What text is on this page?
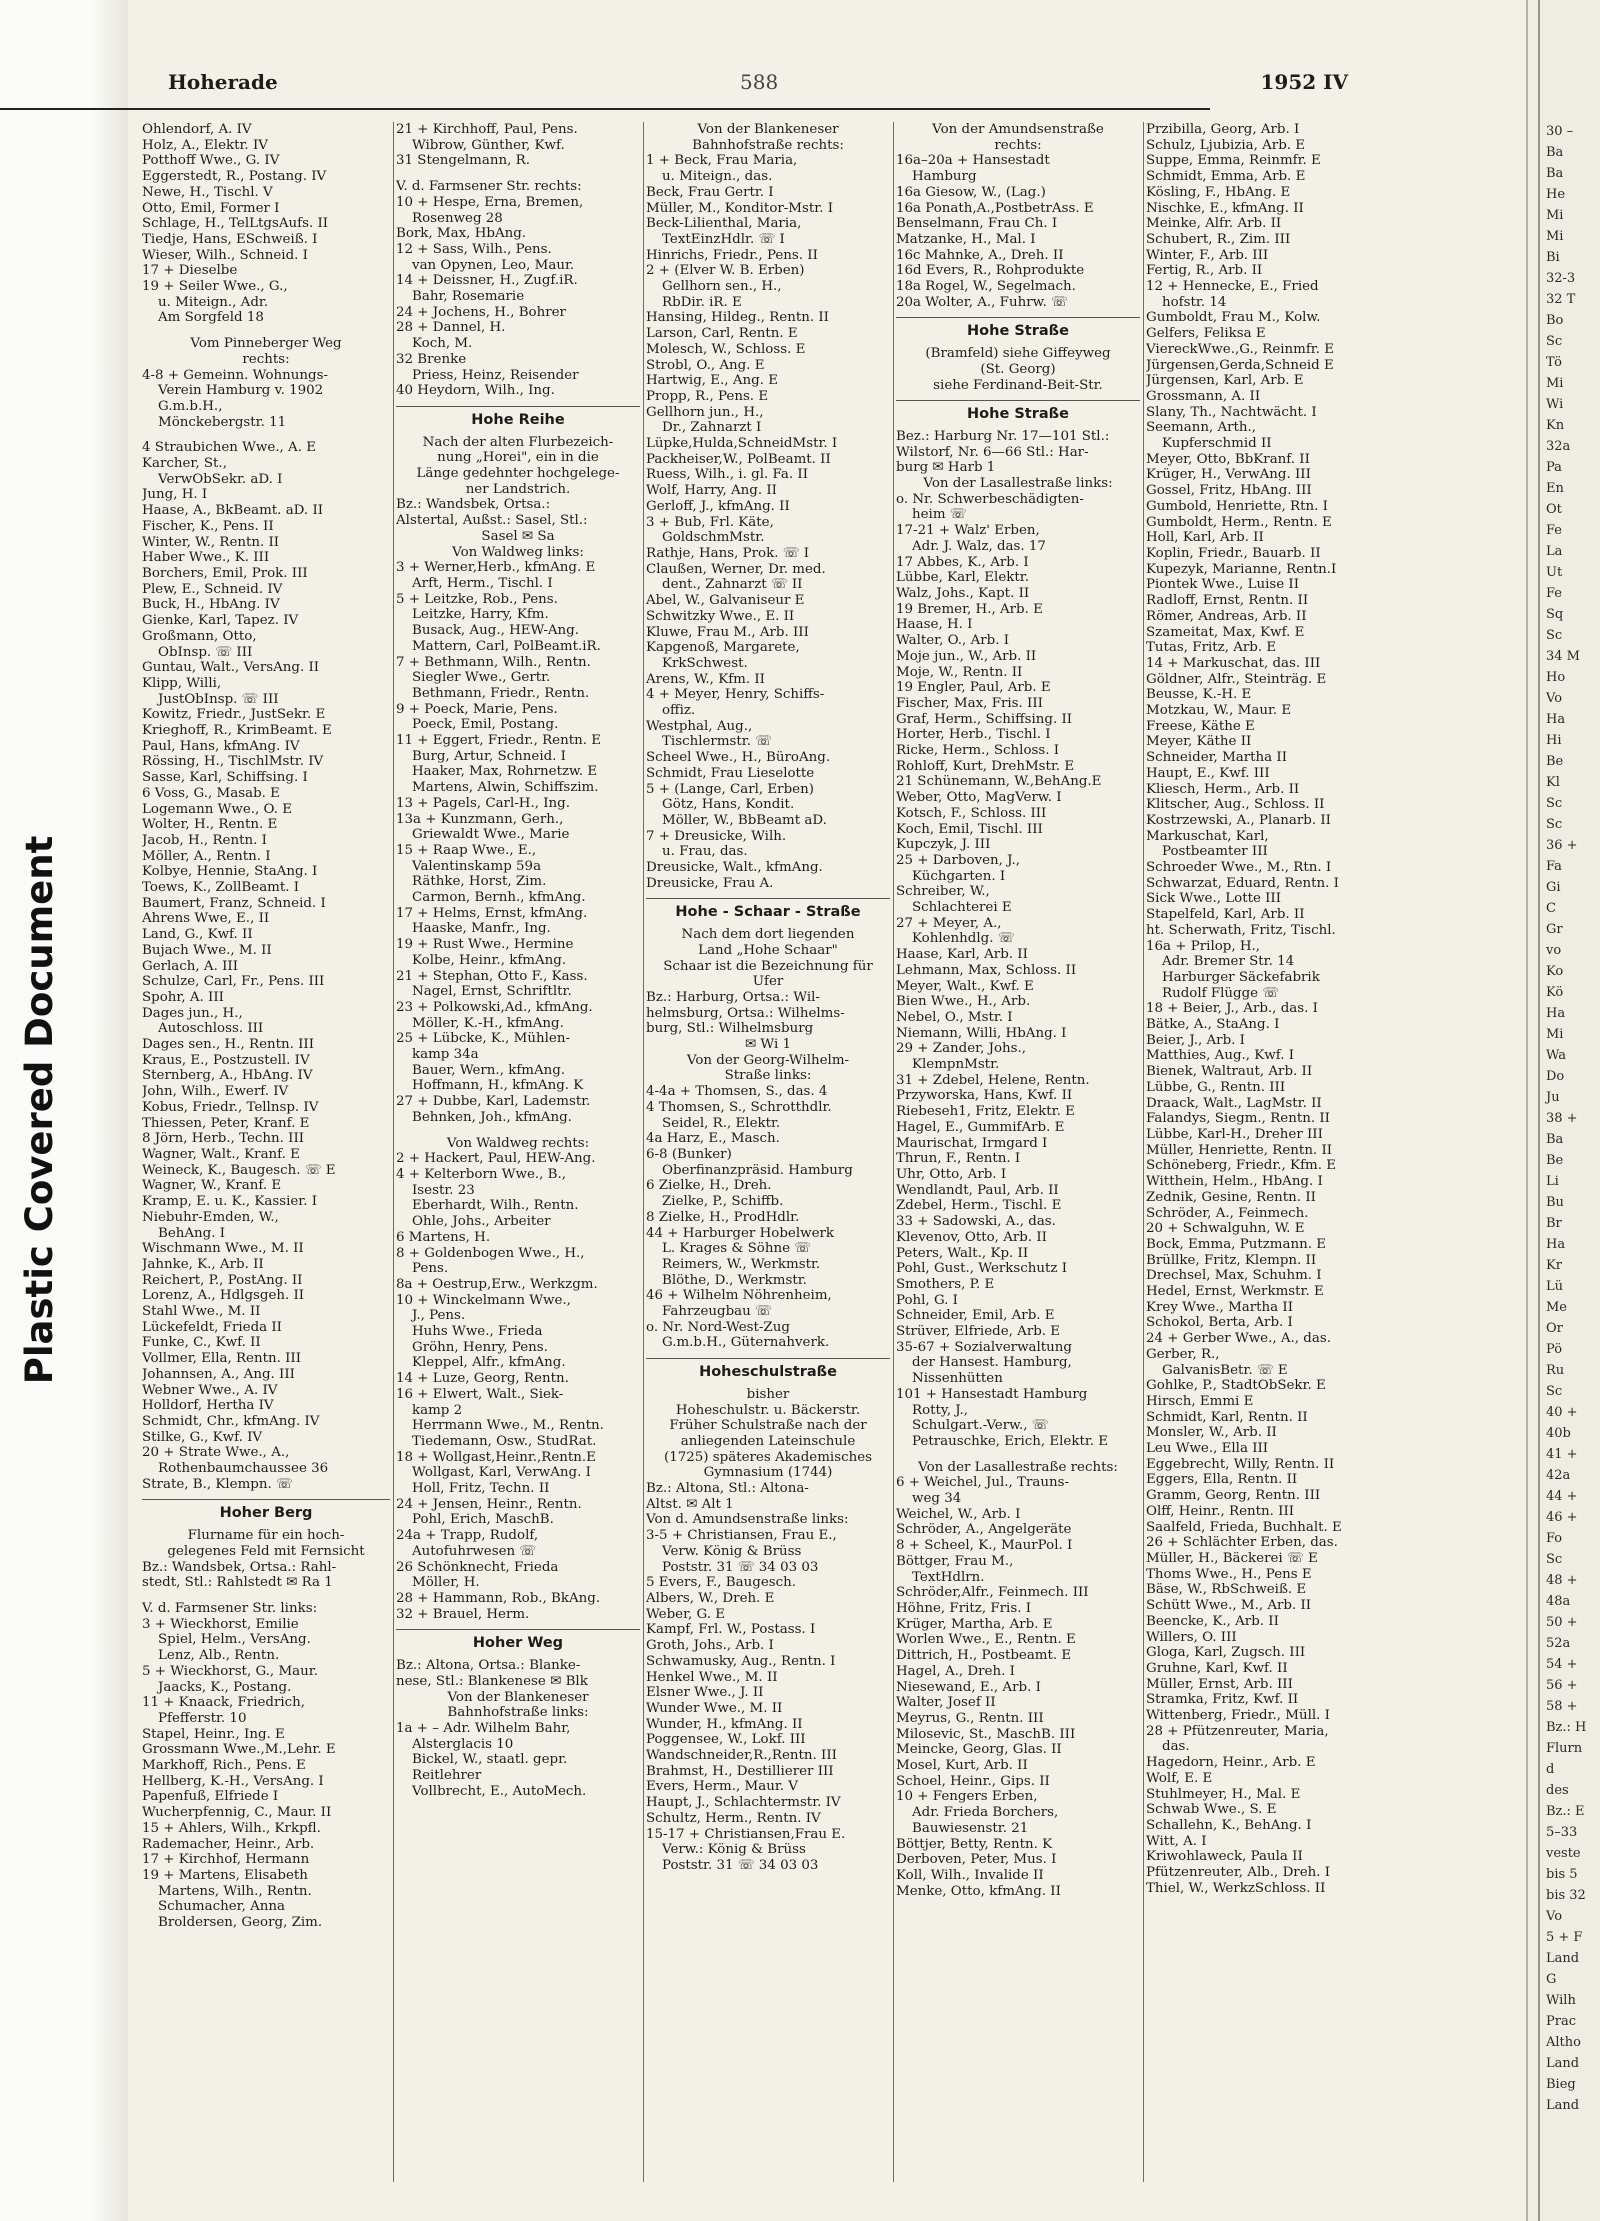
Plastic Covered Document
30 –
Ba
Ba
He
Mi
Mi
Bi
32-3
32 T
Bo
Sc
Tö
Mi
Wi
Kn
32a
Pa
En
Ot
Fe
La
Ut
Fe
Sq
Sc
34 M
Ho
Vo
Ha
Hi
Be
Kl
Sc
Sc
36 +
Fa
Gi
C
Gr
vo
Ko
Kö
Ha
Mi
Wa
Do
Ju
38 +
Ba
Be
Li
Bu
Br
Ha
Kr
Lü
Me
Or
Pö
Ru
Sc
40 +
40b
41 +
42a
44 +
46 +
Fo
Sc
48 +
48a
50 +
52a
54 +
56 +
58 +
Bz.: H
Flurn
d
des
Bz.: E
5–33
veste
bis 5
bis 32
Vo
5 + F
Land
G
Wilh
Prac
Altho
Land
Bieg
Land
Hoherade	588	1952 IV
Ohlendorf, A. IV
Holz, A., Elektr. IV
Potthoff Wwe., G. IV
Eggerstedt, R., Postang. IV
Newe, H., Tischl. V
Otto, Emil, Former I
Schlage, H., TelLtgsAufs. II
Tiedje, Hans, ESchweiß. I
Wieser, Wilh., Schneid. I
17 + Dieselbe
19 + Seiler Wwe., G.,
u. Miteign., Adr.
Am Sorgfeld 18
Vom Pinneberger Weg
rechts:
4-8 + Gemeinn. Wohnungs-
Verein Hamburg v. 1902
G.m.b.H.,
Mönckebergstr. 11
4 Straubichen Wwe., A. E
Karcher, St.,
VerwObSekr. aD. I
Jung, H. I
Haase, A., BkBeamt. aD. II
Fischer, K., Pens. II
Winter, W., Rentn. II
Haber Wwe., K. III
Borchers, Emil, Prok. III
Plew, E., Schneid. IV
Buck, H., HbAng. IV
Gienke, Karl, Tapez. IV
Großmann, Otto,
ObInsp. ☏ III
Guntau, Walt., VersAng. II
Klipp, Willi,
JustObInsp. ☏ III
Kowitz, Friedr., JustSekr. E
Krieghoff, R., KrimBeamt. E
Paul, Hans, kfmAng. IV
Rössing, H., TischlMstr. IV
Sasse, Karl, Schiffsing. I
6 Voss, G., Masab. E
Logemann Wwe., O. E
Wolter, H., Rentn. E
Jacob, H., Rentn. I
Möller, A., Rentn. I
Kolbye, Hennie, StaAng. I
Toews, K., ZollBeamt. I
Baumert, Franz, Schneid. I
Ahrens Wwe, E., II
Land, G., Kwf. II
Bujach Wwe., M. II
Gerlach, A. III
Schulze, Carl, Fr., Pens. III
Spohr, A. III
Dages jun., H.,
Autoschloss. III
Dages sen., H., Rentn. III
Kraus, E., Postzustell. IV
Sternberg, A., HbAng. IV
John, Wilh., Ewerf. IV
Kobus, Friedr., Tellnsp. IV
Thiessen, Peter, Kranf. E
8 Jörn, Herb., Techn. III
Wagner, Walt., Kranf. E
Weineck, K., Baugesch. ☏ E
Wagner, W., Kranf. E
Kramp, E. u. K., Kassier. I
Niebuhr-Emden, W.,
BehAng. I
Wischmann Wwe., M. II
Jahnke, K., Arb. II
Reichert, P., PostAng. II
Lorenz, A., Hdlgsgeh. II
Stahl Wwe., M. II
Lückefeldt, Frieda II
Funke, C., Kwf. II
Vollmer, Ella, Rentn. III
Johannsen, A., Ang. III
Webner Wwe., A. IV
Holldorf, Hertha IV
Schmidt, Chr., kfmAng. IV
Stilke, G., Kwf. IV
20 + Strate Wwe., A.,
Rothenbaumchaussee 36
Strate, B., Klempn. ☏
Hoher Berg
Flurname für ein hoch-
gelegenes Feld mit Fernsicht
Bz.: Wandsbek, Ortsa.: Rahl-
stedt, Stl.: Rahlstedt ✉ Ra 1
V. d. Farmsener Str. links:
3 + Wieckhorst, Emilie
Spiel, Helm., VersAng.
Lenz, Alb., Rentn.
5 + Wieckhorst, G., Maur.
Jaacks, K., Postang.
11 + Knaack, Friedrich,
Pfefferstr. 10
Stapel, Heinr., Ing. E
Grossmann Wwe.,M.,Lehr. E
Markhoff, Rich., Pens. E
Hellberg, K.-H., VersAng. I
Papenfuß, Elfriede I
Wucherpfennig, C., Maur. II
15 + Ahlers, Wilh., Krkpfl.
Rademacher, Heinr., Arb.
17 + Kirchhof, Hermann
19 + Martens, Elisabeth
Martens, Wilh., Rentn.
Schumacher, Anna
Broldersen, Georg, Zim.
21 + Kirchhoff, Paul, Pens.
Wibrow, Günther, Kwf.
31 Stengelmann, R.
V. d. Farmsener Str. rechts:
10 + Hespe, Erna, Bremen,
Rosenweg 28
Bork, Max, HbAng.
12 + Sass, Wilh., Pens.
van Opynen, Leo, Maur.
14 + Deissner, H., Zugf.iR.
Bahr, Rosemarie
24 + Jochens, H., Bohrer
28 + Dannel, H.
Koch, M.
32 Brenke
Priess, Heinz, Reisender
40 Heydorn, Wilh., Ing.
Hohe Reihe
Nach der alten Flurbezeich-
nung „Horei", ein in die
Länge gedehnter hochgelege-
ner Landstrich.
Bz.: Wandsbek, Ortsa.:
Alstertal, Außst.: Sasel, Stl.:
Sasel ✉ Sa
Von Waldweg links:
3 + Werner,Herb., kfmAng. E
Arft, Herm., Tischl. I
5 + Leitzke, Rob., Pens.
Leitzke, Harry, Kfm.
Busack, Aug., HEW-Ang.
Mattern, Carl, PolBeamt.iR.
7 + Bethmann, Wilh., Rentn.
Siegler Wwe., Gertr.
Bethmann, Friedr., Rentn.
9 + Poeck, Marie, Pens.
Poeck, Emil, Postang.
11 + Eggert, Friedr., Rentn. E
Burg, Artur, Schneid. I
Haaker, Max, Rohrnetzw. E
Martens, Alwin, Schiffszim.
13 + Pagels, Carl-H., Ing.
13a + Kunzmann, Gerh.,
Griewaldt Wwe., Marie
15 + Raap Wwe., E.,
Valentinskamp 59a
Räthke, Horst, Zim.
Carmon, Bernh., kfmAng.
17 + Helms, Ernst, kfmAng.
Haaske, Manfr., Ing.
19 + Rust Wwe., Hermine
Kolbe, Heinr., kfmAng.
21 + Stephan, Otto F., Kass.
Nagel, Ernst, Schriftltr.
23 + Polkowski,Ad., kfmAng.
Möller, K.-H., kfmAng.
25 + Lübcke, K., Mühlen-
kamp 34a
Bauer, Wern., kfmAng.
Hoffmann, H., kfmAng. K
27 + Dubbe, Karl, Lademstr.
Behnken, Joh., kfmAng.
Von Waldweg rechts:
2 + Hackert, Paul, HEW-Ang.
4 + Kelterborn Wwe., B.,
Isestr. 23
Eberhardt, Wilh., Rentn.
Ohle, Johs., Arbeiter
6 Martens, H.
8 + Goldenbogen Wwe., H.,
Pens.
8a + Oestrup,Erw., Werkzgm.
10 + Winckelmann Wwe.,
J., Pens.
Huhs Wwe., Frieda
Gröhn, Henry, Pens.
Kleppel, Alfr., kfmAng.
14 + Luze, Georg, Rentn.
16 + Elwert, Walt., Siek-
kamp 2
Herrmann Wwe., M., Rentn.
Tiedemann, Osw., StudRat.
18 + Wollgast,Heinr.,Rentn.E
Wollgast, Karl, VerwAng. I
Holl, Fritz, Techn. II
24 + Jensen, Heinr., Rentn.
Pohl, Erich, MaschB.
24a + Trapp, Rudolf,
Autofuhrwesen ☏
26 Schönknecht, Frieda
Möller, H.
28 + Hammann, Rob., BkAng.
32 + Brauel, Herm.
Hoher Weg
Bz.: Altona, Ortsa.: Blanke-
nese, Stl.: Blankenese ✉ Blk
Von der Blankeneser
Bahnhofstraße links:
1a + – Adr. Wilhelm Bahr,
Alsterglacis 10
Bickel, W., staatl. gepr.
Reitlehrer
Vollbrecht, E., AutoMech.
Von der Blankeneser
Bahnhofstraße rechts:
1 + Beck, Frau Maria,
u. Miteign., das.
Beck, Frau Gertr. I
Müller, M., Konditor-Mstr. I
Beck-Lilienthal, Maria,
TextEinzHdlr. ☏ I
Hinrichs, Friedr., Pens. II
2 + (Elver W. B. Erben)
Gellhorn sen., H.,
RbDir. iR. E
Hansing, Hildeg., Rentn. II
Larson, Carl, Rentn. E
Molesch, W., Schloss. E
Strobl, O., Ang. E
Hartwig, E., Ang. E
Propp, R., Pens. E
Gellhorn jun., H.,
Dr., Zahnarzt I
Lüpke,Hulda,SchneidMstr. I
Packheiser,W., PolBeamt. II
Ruess, Wilh., i. gl. Fa. II
Wolf, Harry, Ang. II
Gerloff, J., kfmAng. II
3 + Bub, Frl. Käte,
GoldschmMstr.
Rathje, Hans, Prok. ☏ I
Claußen, Werner, Dr. med.
dent., Zahnarzt ☏ II
Abel, W., Galvaniseur E
Schwitzky Wwe., E. II
Kluwe, Frau M., Arb. III
Kapgenoß, Margarete,
KrkSchwest.
Arens, W., Kfm. II
4 + Meyer, Henry, Schiffs-
offiz.
Westphal, Aug.,
Tischlermstr. ☏
Scheel Wwe., H., BüroAng.
Schmidt, Frau Lieselotte
5 + (Lange, Carl, Erben)
Götz, Hans, Kondit.
Möller, W., BbBeamt aD.
7 + Dreusicke, Wilh.
u. Frau, das.
Dreusicke, Walt., kfmAng.
Dreusicke, Frau A.
Hohe - Schaar - Straße
Nach dem dort liegenden
Land „Hohe Schaar"
Schaar ist die Bezeichnung für
Ufer
Bz.: Harburg, Ortsa.: Wil-
helmsburg, Ortsa.: Wilhelms-
burg, Stl.: Wilhelmsburg
✉ Wi 1
Von der Georg-Wilhelm-
Straße links:
4-4a + Thomsen, S., das. 4
4 Thomsen, S., Schrotthdlr.
Seidel, R., Elektr.
4a Harz, E., Masch.
6-8 (Bunker)
Oberfinanzpräsid. Hamburg
6 Zielke, H., Dreh.
Zielke, P., Schiffb.
8 Zielke, H., ProdHdlr.
44 + Harburger Hobelwerk
L. Krages & Söhne ☏
Reimers, W., Werkmstr.
Blöthe, D., Werkmstr.
46 + Wilhelm Nöhrenheim,
Fahrzeugbau ☏
o. Nr. Nord-West-Zug
G.m.b.H., Güternahverk.
Hoheschulstraße
bisher
Hoheschulstr. u. Bäckerstr.
Früher Schulstraße nach der
anliegenden Lateinschule
(1725) späteres Akademisches
Gymnasium (1744)
Bz.: Altona, Stl.: Altona-
Altst. ✉ Alt 1
Von d. Amundsenstraße links:
3-5 + Christiansen, Frau E.,
Verw. König & Brüss
Poststr. 31 ☏ 34 03 03
5 Evers, F., Baugesch.
Albers, W., Dreh. E
Weber, G. E
Kampf, Frl. W., Postass. I
Groth, Johs., Arb. I
Schwamusky, Aug., Rentn. I
Henkel Wwe., M. II
Elsner Wwe., J. II
Wunder Wwe., M. II
Wunder, H., kfmAng. II
Poggensee, W., Lokf. III
Wandschneider,R.,Rentn. III
Brahmst, H., Destillierer III
Evers, Herm., Maur. V
Haupt, J., Schlachtermstr. IV
Schultz, Herm., Rentn. IV
15-17 + Christiansen,Frau E.
Verw.: König & Brüss
Poststr. 31 ☏ 34 03 03
Von der Amundsenstraße
rechts:
16a–20a + Hansestadt
Hamburg
16a Giesow, W., (Lag.)
16a Ponath,A.,PostbetrAss. E
Benselmann, Frau Ch. I
Matzanke, H., Mal. I
16c Mahnke, A., Dreh. II
16d Evers, R., Rohprodukte
18a Rogel, W., Segelmach.
20a Wolter, A., Fuhrw. ☏
Hohe Straße
(Bramfeld) siehe Giffeyweg
(St. Georg)
siehe Ferdinand-Beit-Str.
Hohe Straße
Bez.: Harburg Nr. 17—101 Stl.:
Wilstorf, Nr. 6—66 Stl.: Har-
burg ✉ Harb 1
Von der Lasallestraße links:
o. Nr. Schwerbeschädigten-
heim ☏
17-21 + Walz' Erben,
Adr. J. Walz, das. 17
17 Abbes, K., Arb. I
Lübbe, Karl, Elektr.
Walz, Johs., Kapt. II
19 Bremer, H., Arb. E
Haase, H. I
Walter, O., Arb. I
Moje jun., W., Arb. II
Moje, W., Rentn. II
19 Engler, Paul, Arb. E
Fischer, Max, Fris. III
Graf, Herm., Schiffsing. II
Horter, Herb., Tischl. I
Ricke, Herm., Schloss. I
Rohloff, Kurt, DrehMstr. E
21 Schünemann, W.,BehAng.E
Weber, Otto, MagVerw. I
Kotsch, F., Schloss. III
Koch, Emil, Tischl. III
Kupczyk, J. III
25 + Darboven, J.,
Küchgarten. I
Schreiber, W.,
Schlachterei E
27 + Meyer, A.,
Kohlenhdlg. ☏
Haase, Karl, Arb. II
Lehmann, Max, Schloss. II
Meyer, Walt., Kwf. E
Bien Wwe., H., Arb.
Nebel, O., Mstr. I
Niemann, Willi, HbAng. I
29 + Zander, Johs.,
KlempnMstr.
31 + Zdebel, Helene, Rentn.
Przyworska, Hans, Kwf. II
Riebeseh1, Fritz, Elektr. E
Hagel, E., GummifArb. E
Maurischat, Irmgard I
Thrun, F., Rentn. I
Uhr, Otto, Arb. I
Wendlandt, Paul, Arb. II
Zdebel, Herm., Tischl. E
33 + Sadowski, A., das.
Klevenov, Otto, Arb. II
Peters, Walt., Kp. II
Pohl, Gust., Werkschutz I
Smothers, P. E
Pohl, G. I
Schneider, Emil, Arb. E
Strüver, Elfriede, Arb. E
35-67 + Sozialverwaltung
der Hansest. Hamburg,
Nissenhütten
101 + Hansestadt Hamburg
Rotty, J.,
Schulgart.-Verw., ☏
Petrauschke, Erich, Elektr. E
Von der Lasallestraße rechts:
6 + Weichel, Jul., Trauns-
weg 34
Weichel, W., Arb. I
Schröder, A., Angelgeräte
8 + Scheel, K., MaurPol. I
Böttger, Frau M.,
TextHdlrn.
Schröder,Alfr., Feinmech. III
Höhne, Fritz, Fris. I
Krüger, Martha, Arb. E
Worlen Wwe., E., Rentn. E
Dittrich, H., Postbeamt. E
Hagel, A., Dreh. I
Niesewand, E., Arb. I
Walter, Josef II
Meyrus, G., Rentn. III
Milosevic, St., MaschB. III
Meincke, Georg, Glas. II
Mosel, Kurt, Arb. II
Schoel, Heinr., Gips. II
10 + Fengers Erben,
Adr. Frieda Borchers,
Bauwiesenstr. 21
Böttjer, Betty, Rentn. K
Derboven, Peter, Mus. I
Koll, Wilh., Invalide II
Menke, Otto, kfmAng. II
Przibilla, Georg, Arb. I
Schulz, Ljubizia, Arb. E
Suppe, Emma, Reinmfr. E
Schmidt, Emma, Arb. E
Kösling, F., HbAng. E
Nischke, E., kfmAng. II
Meinke, Alfr. Arb. II
Schubert, R., Zim. III
Winter, F., Arb. III
Fertig, R., Arb. II
12 + Hennecke, E., Fried
hofstr. 14
Gumboldt, Frau M., Kolw.
Gelfers, Feliksa E
ViereckWwe.,G., Reinmfr. E
Jürgensen,Gerda,Schneid E
Jürgensen, Karl, Arb. E
Grossmann, A. II
Slany, Th., Nachtwächt. I
Seemann, Arth.,
Kupferschmid II
Meyer, Otto, BbKranf. II
Krüger, H., VerwAng. III
Gossel, Fritz, HbAng. III
Gumbold, Henriette, Rtn. I
Gumboldt, Herm., Rentn. E
Holl, Karl, Arb. II
Koplin, Friedr., Bauarb. II
Kupezyk, Marianne, Rentn.I
Piontek Wwe., Luise II
Radloff, Ernst, Rentn. II
Römer, Andreas, Arb. II
Szameitat, Max, Kwf. E
Tutas, Fritz, Arb. E
14 + Markuschat, das. III
Göldner, Alfr., Steinträg. E
Beusse, K.-H. E
Motzkau, W., Maur. E
Freese, Käthe E
Meyer, Käthe II
Schneider, Martha II
Haupt, E., Kwf. III
Kliesch, Herm., Arb. II
Klitscher, Aug., Schloss. II
Kostrzewski, A., Planarb. II
Markuschat, Karl,
Postbeamter III
Schroeder Wwe., M., Rtn. I
Schwarzat, Eduard, Rentn. I
Sick Wwe., Lotte III
Stapelfeld, Karl, Arb. II
ht. Scherwath, Fritz, Tischl.
16a + Prilop, H.,
Adr. Bremer Str. 14
Harburger Säckefabrik
Rudolf Flügge ☏
18 + Beier, J., Arb., das. I
Bätke, A., StaAng. I
Beier, J., Arb. I
Matthies, Aug., Kwf. I
Bienek, Waltraut, Arb. II
Lübbe, G., Rentn. III
Draack, Walt., LagMstr. II
Falandys, Siegm., Rentn. II
Lübbe, Karl-H., Dreher III
Müller, Henriette, Rentn. II
Schöneberg, Friedr., Kfm. E
Witthein, Helm., HbAng. I
Zednik, Gesine, Rentn. II
Schröder, A., Feinmech.
20 + Schwalguhn, W. E
Bock, Emma, Putzmann. E
Brüllke, Fritz, Klempn. II
Drechsel, Max, Schuhm. I
Hedel, Ernst, Werkmstr. E
Krey Wwe., Martha II
Schokol, Berta, Arb. I
24 + Gerber Wwe., A., das.
Gerber, R.,
GalvanisBetr. ☏ E
Gohlke, P., StadtObSekr. E
Hirsch, Emmi E
Schmidt, Karl, Rentn. II
Monsler, W., Arb. II
Leu Wwe., Ella III
Eggebrecht, Willy, Rentn. II
Eggers, Ella, Rentn. II
Gramm, Georg, Rentn. III
Olff, Heinr., Rentn. III
Saalfeld, Frieda, Buchhalt. E
26 + Schlächter Erben, das.
Müller, H., Bäckerei ☏ E
Thoms Wwe., H., Pens E
Bäse, W., RbSchweiß. E
Schütt Wwe., M., Arb. II
Beencke, K., Arb. II
Willers, O. III
Gloga, Karl, Zugsch. III
Gruhne, Karl, Kwf. II
Müller, Ernst, Arb. III
Stramka, Fritz, Kwf. II
Wittenberg, Friedr., Müll. I
28 + Pfützenreuter, Maria,
das.
Hagedorn, Heinr., Arb. E
Wolf, E. E
Stuhlmeyer, H., Mal. E
Schwab Wwe., S. E
Schallehn, K., BehAng. I
Witt, A. I
Kriwohlaweck, Paula II
Pfützenreuter, Alb., Dreh. I
Thiel, W., WerkzSchloss. II
